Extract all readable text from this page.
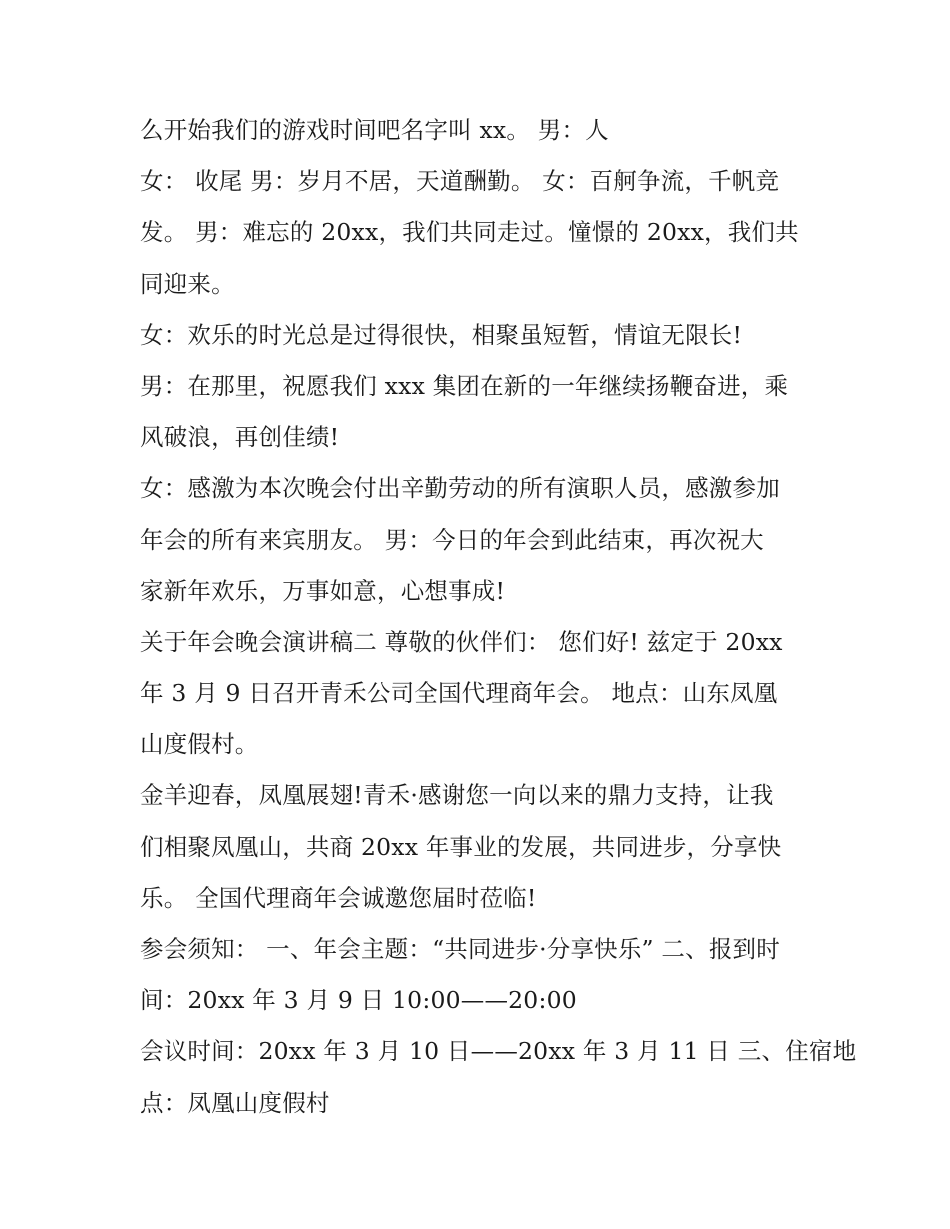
么开始我们的游戏时间吧名字叫 xx。 男：人
女： 收尾 男：岁月不居，天道酬勤。 女：百舸争流，千帆竞
发。 男：难忘的 20xx，我们共同走过。憧憬的 20xx，我们共
同迎来。
女：欢乐的时光总是过得很快，相聚虽短暂，情谊无限长!
男：在那里，祝愿我们 xxx 集团在新的一年继续扬鞭奋进，乘
风破浪，再创佳绩!
女：感激为本次晚会付出辛勤劳动的所有演职人员，感激参加
年会的所有来宾朋友。 男：今日的年会到此结束，再次祝大
家新年欢乐，万事如意，心想事成!
关于年会晚会演讲稿二 尊敬的伙伴们： 您们好! 兹定于 20xx
年 3 月 9 日召开青禾公司全国代理商年会。 地点：山东凤凰
山度假村。
金羊迎春，凤凰展翅!青禾·感谢您一向以来的鼎力支持，让我
们相聚凤凰山，共商 20xx 年事业的发展，共同进步，分享快
乐。 全国代理商年会诚邀您届时莅临!
参会须知： 一、年会主题：“共同进步·分享快乐” 二、报到时
间：20xx 年 3 月 9 日 10:00——20:00
会议时间：20xx 年 3 月 10 日——20xx 年 3 月 11 日 三、住宿地
点：凤凰山度假村
